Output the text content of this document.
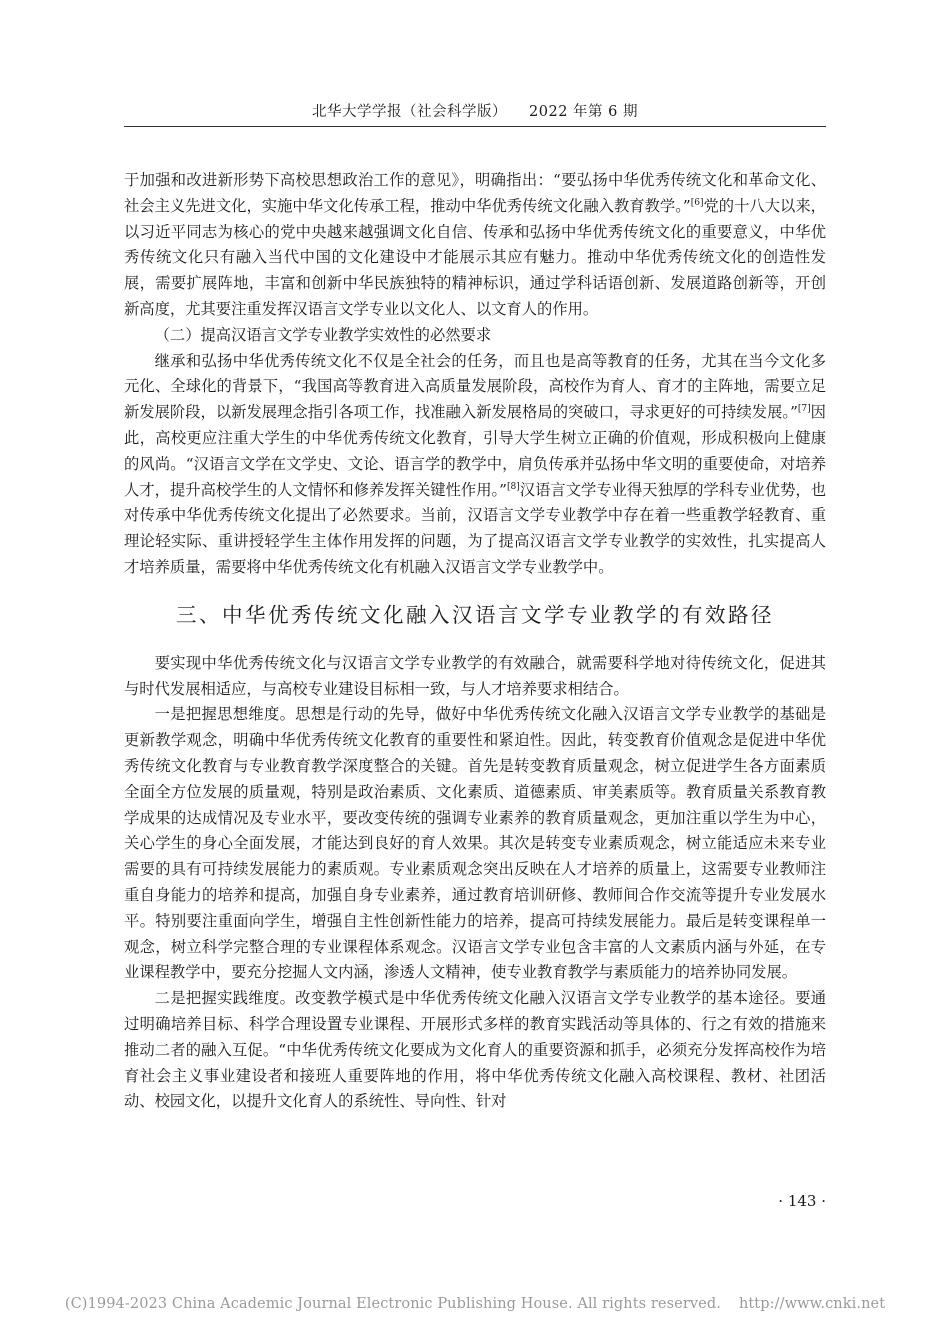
北华大学学报（社会科学版） 2022 年第 6 期

于加强和改进新形势下高校思想政治工作的意见》，明确指出：“要弘扬中华优秀传统文化和革命文化、社会主义先进文化，实施中华文化传承工程，推动中华优秀传统文化融入教育教学。”[6]党的十八大以来，以习近平同志为核心的党中央越来越强调文化自信、传承和弘扬中华优秀传统文化的重要意义，中华优秀传统文化只有融入当代中国的文化建设中才能展示其应有魅力。推动中华优秀传统文化的创造性发展，需要扩展阵地，丰富和创新中华民族独特的精神标识，通过学科话语创新、发展道路创新等，开创新高度，尤其要注重发挥汉语言文学专业以文化人、以文育人的作用。

（二）提高汉语言文学专业教学实效性的必然要求

继承和弘扬中华优秀传统文化不仅是全社会的任务，而且也是高等教育的任务，尤其在当今文化多元化、全球化的背景下，“我国高等教育进入高质量发展阶段，高校作为育人、育才的主阵地，需要立足新发展阶段，以新发展理念指引各项工作，找准融入新发展格局的突破口，寻求更好的可持续发展。”[7]因此，高校更应注重大学生的中华优秀传统文化教育，引导大学生树立正确的价值观，形成积极向上健康的风尚。“汉语言文学在文学史、文论、语言学的教学中，肩负传承并弘扬中华文明的重要使命，对培养人才，提升高校学生的人文情怀和修养发挥关键性作用。”[8]汉语言文学专业得天独厚的学科专业优势，也对传承中华优秀传统文化提出了必然要求。当前，汉语言文学专业教学中存在着一些重教学轻教育、重理论轻实际、重讲授轻学生主体作用发挥的问题，为了提高汉语言文学专业教学的实效性，扎实提高人才培养质量，需要将中华优秀传统文化有机融入汉语言文学专业教学中。

三、中华优秀传统文化融入汉语言文学专业教学的有效路径

要实现中华优秀传统文化与汉语言文学专业教学的有效融合，就需要科学地对待传统文化，促进其与时代发展相适应，与高校专业建设目标相一致，与人才培养要求相结合。

一是把握思想维度。思想是行动的先导，做好中华优秀传统文化融入汉语言文学专业教学的基础是更新教学观念，明确中华优秀传统文化教育的重要性和紧迫性。因此，转变教育价值观念是促进中华优秀传统文化教育与专业教育教学深度整合的关键。首先是转变教育质量观念，树立促进学生各方面素质全面全方位发展的质量观，特别是政治素质、文化素质、道德素质、审美素质等。教育质量关系教育教学成果的达成情况及专业水平，要改变传统的强调专业素养的教育质量观念，更加注重以学生为中心，关心学生的身心全面发展，才能达到良好的育人效果。其次是转变专业素质观念，树立能适应未来专业需要的具有可持续发展能力的素质观。专业素质观念突出反映在人才培养的质量上，这需要专业教师注重自身能力的培养和提高，加强自身专业素养，通过教育培训研修、教师间合作交流等提升专业发展水平。特别要注重面向学生，增强自主性创新性能力的培养，提高可持续发展能力。最后是转变课程单一观念，树立科学完整合理的专业课程体系观念。汉语言文学专业包含丰富的人文素质内涵与外延，在专业课程教学中，要充分挖掘人文内涵，渗透人文精神，使专业教育教学与素质能力的培养协同发展。

二是把握实践维度。改变教学模式是中华优秀传统文化融入汉语言文学专业教学的基本途径。要通过明确培养目标、科学合理设置专业课程、开展形式多样的教育实践活动等具体的、行之有效的措施来推动二者的融入互促。“中华优秀传统文化要成为文化育人的重要资源和抓手，必须充分发挥高校作为培育社会主义事业建设者和接班人重要阵地的作用，将中华优秀传统文化融入高校课程、教材、社团活动、校园文化，以提升文化育人的系统性、导向性、针对

· 143 ·
(C)1994-2023 China Academic Journal Electronic Publishing House. All rights reserved. http://www.cnki.net
